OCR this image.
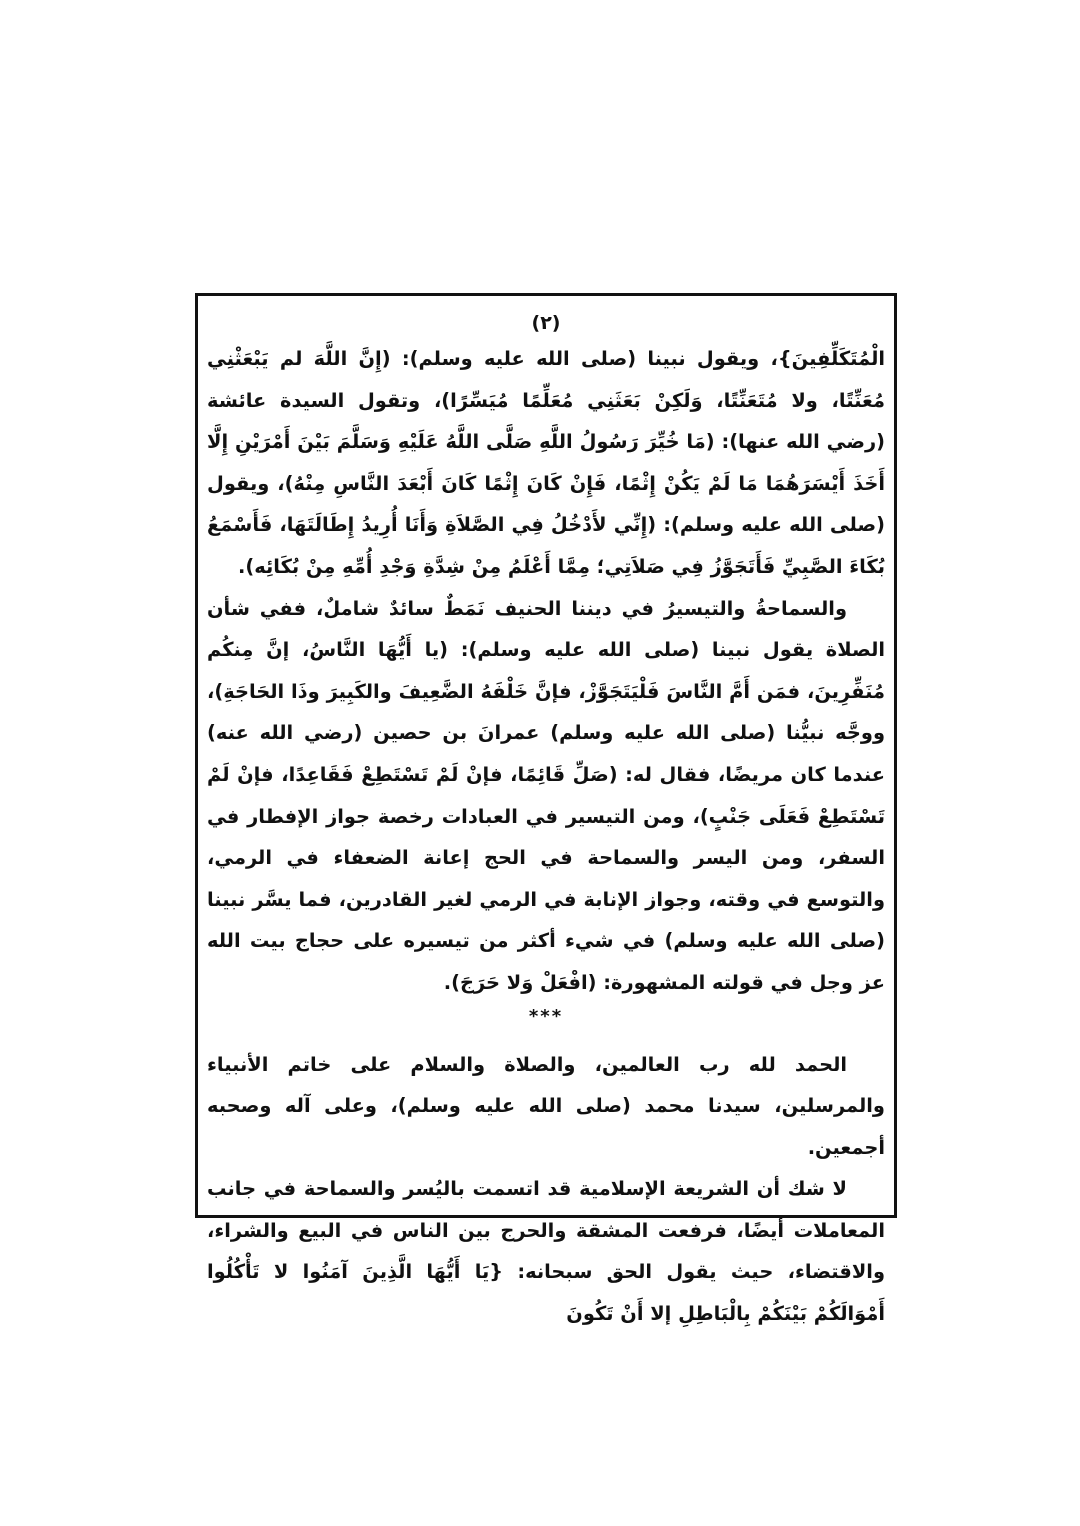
(٢)

الْمُتَكَلِّفِينَ}، ويقول نبينا (صلى الله عليه وسلم): (إِنَّ اللَّهَ لم يَبْعَثْنِي مُعَنِّتًا، ولا مُتَعَنِّتًا، وَلَكِنْ بَعَثَنِي مُعَلِّمًا مُيَسِّرًا)، وتقول السيدة عائشة (رضي الله عنها): (مَا خُيِّرَ رَسُولُ اللَّهِ صَلَّى اللَّهُ عَلَيْهِ وَسَلَّمَ بَيْنَ أَمْرَيْنِ إِلَّا أَخَذَ أَيْسَرَهُمَا مَا لَمْ يَكُنْ إِثْمًا، فَإِنْ كَانَ إِثْمًا كَانَ أَبْعَدَ النَّاسِ مِنْهُ)، ويقول (صلى الله عليه وسلم): (إِنِّي لأَدْخُلُ فِي الصَّلاَةِ وَأَنَا أُرِيدُ إِطَالَتَهَا، فَأَسْمَعُ بُكَاءَ الصَّبِيِّ فَأَتَجَوَّزُ فِي صَلاَتِي؛ مِمَّا أَعْلَمُ مِنْ شِدَّةِ وَجْدِ أُمِّهِ مِنْ بُكَائِه).

والسماحةُ والتيسيرُ في ديننا الحنيف نَمَطٌ سائدٌ شاملٌ، ففي شأن الصلاة يقول نبينا (صلى الله عليه وسلم): (يا أَيُّهَا النَّاسُ، إنَّ مِنكُم مُنَفِّرِينَ، فمَن أَمَّ النَّاسَ فَلْيَتَجَوَّزْ، فإنَّ خَلْفَهُ الضَّعِيفَ والكَبِيرَ وذَا الحَاجَةِ)، ووجَّه نبيُّنا (صلى الله عليه وسلم) عمرانَ بن حصين (رضي الله عنه) عندما كان مريضًا، فقال له: (صَلِّ قَائِمًا، فإنْ لَمْ تَسْتَطِعْ فَقَاعِدًا، فإنْ لَمْ تَسْتَطِعْ فَعَلَى جَنْبٍ)، ومن التيسير في العبادات رخصة جواز الإفطار في السفر، ومن اليسر والسماحة في الحج إعانة الضعفاء في الرمي، والتوسع في وقته، وجواز الإنابة في الرمي لغير القادرين، فما يسَّر نبينا (صلى الله عليه وسلم) في شيء أكثر من تيسيره على حجاج بيت الله عز وجل في قولته المشهورة: (افْعَلْ وَلا حَرَجَ).

***

الحمد لله رب العالمين، والصلاة والسلام على خاتم الأنبياء والمرسلين، سيدنا محمد (صلى الله عليه وسلم)، وعلى آله وصحبه أجمعين.

لا شك أن الشريعة الإسلامية قد اتسمت باليُسر والسماحة في جانب المعاملات أيضًا، فرفعت المشقة والحرج بين الناس في البيع والشراء، والاقتضاء، حيث يقول الحق سبحانه: {يَا أَيُّهَا الَّذِينَ آمَنُوا لا تَأْكُلُوا أَمْوَالَكُمْ بَيْنَكُمْ بِالْبَاطِلِ إلا أَنْ تَكُونَ
